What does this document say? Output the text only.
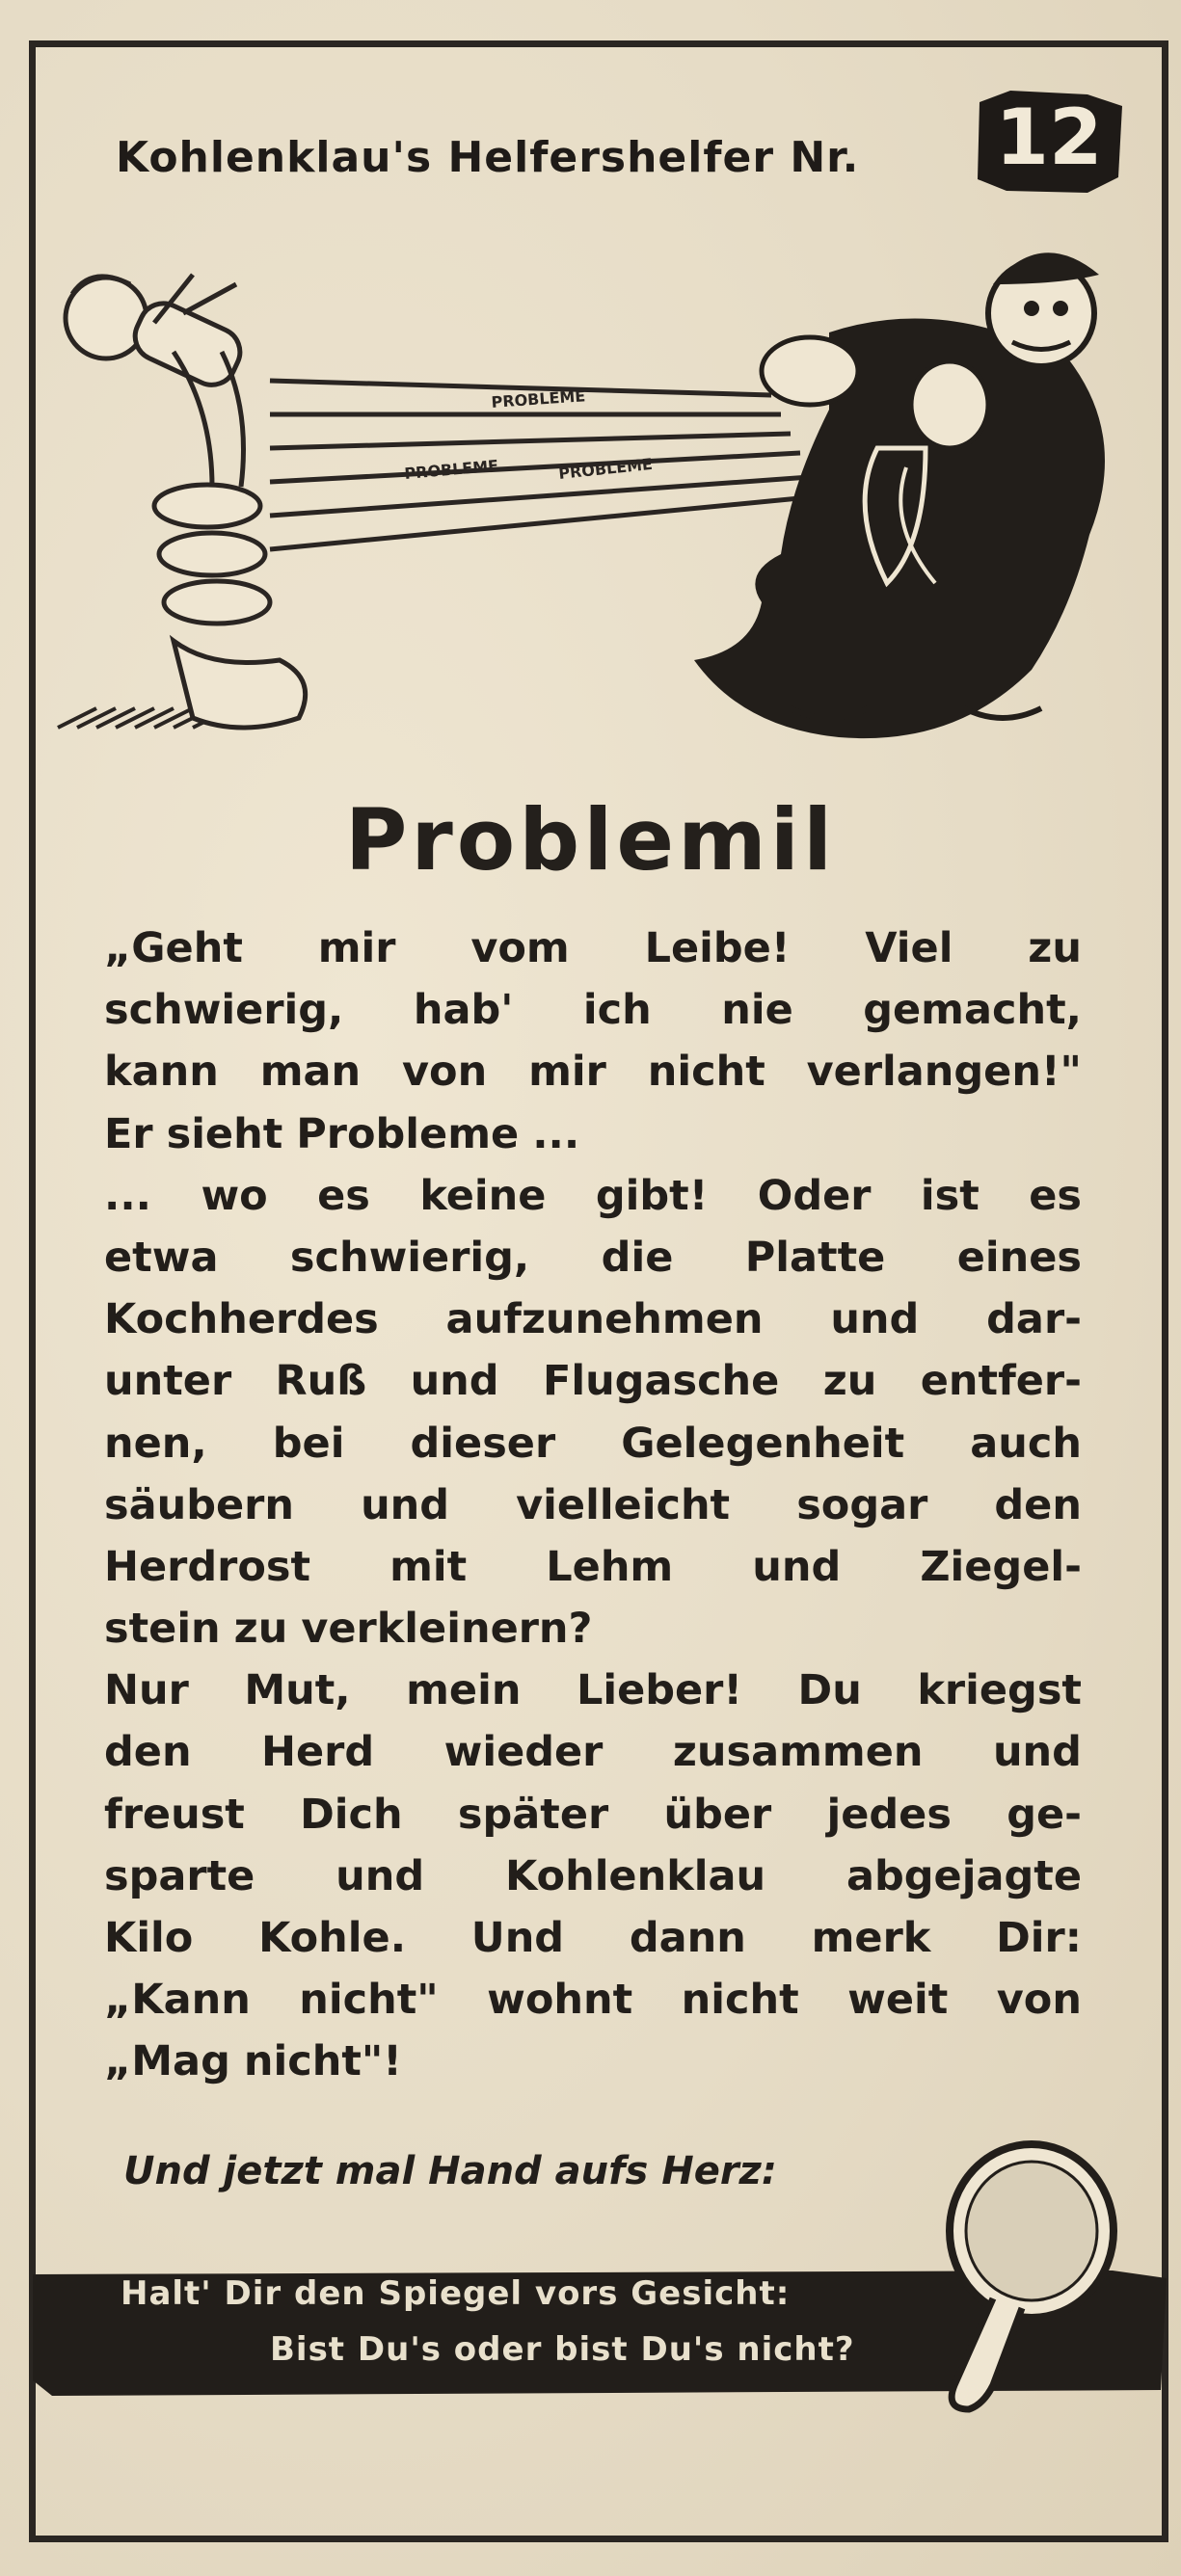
Kohlenklau's Helfershelfer Nr.	12
PROBLEME
PROBLEME	PROBLEME
Problemil
„Geht mir vom Leibe! Viel zu
schwierig, hab' ich nie gemacht,
kann man von mir nicht verlangen!"
Er sieht Probleme ...
... wo es keine gibt! Oder ist es
etwa schwierig, die Platte eines
Kochherdes aufzunehmen und dar-
unter Ruß und Flugasche zu entfer-
nen, bei dieser Gelegenheit auch
säubern und vielleicht sogar den
Herdrost mit Lehm und Ziegel-
stein zu verkleinern?
Nur Mut, mein Lieber! Du kriegst
den Herd wieder zusammen und
freust Dich später über jedes ge-
sparte und Kohlenklau abgejagte
Kilo Kohle. Und dann merk Dir:
„Kann nicht" wohnt nicht weit von
„Mag nicht"!
Und jetzt mal Hand aufs Herz:
Halt' Dir den Spiegel vors Gesicht:
Bist Du's oder bist Du's nicht?
